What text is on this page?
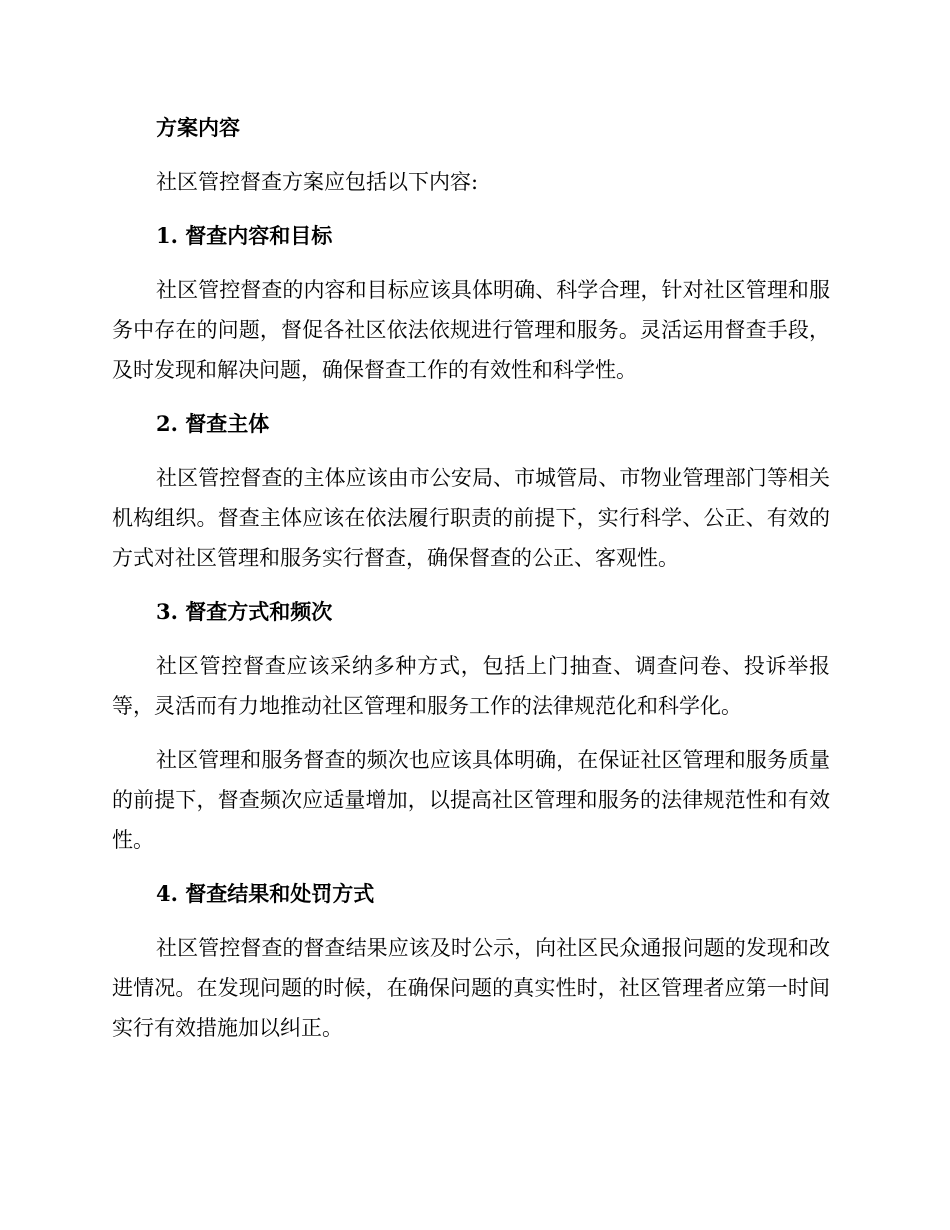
方案内容

社区管控督查方案应包括以下内容:

1. 督查内容和目标

社区管控督查的内容和目标应该具体明确、科学合理，针对社区管理和服务中存在的问题，督促各社区依法依规进行管理和服务。灵活运用督查手段，及时发现和解决问题，确保督查工作的有效性和科学性。

2. 督查主体

社区管控督查的主体应该由市公安局、市城管局、市物业管理部门等相关机构组织。督查主体应该在依法履行职责的前提下，实行科学、公正、有效的方式对社区管理和服务实行督查，确保督查的公正、客观性。

3. 督查方式和频次

社区管控督查应该采纳多种方式，包括上门抽查、调查问卷、投诉举报等，灵活而有力地推动社区管理和服务工作的法律规范化和科学化。

社区管理和服务督查的频次也应该具体明确，在保证社区管理和服务质量的前提下，督查频次应适量增加，以提高社区管理和服务的法律规范性和有效性。

4. 督查结果和处罚方式

社区管控督查的督查结果应该及时公示，向社区民众通报问题的发现和改进情况。在发现问题的时候，在确保问题的真实性时，社区管理者应第一时间实行有效措施加以纠正。
